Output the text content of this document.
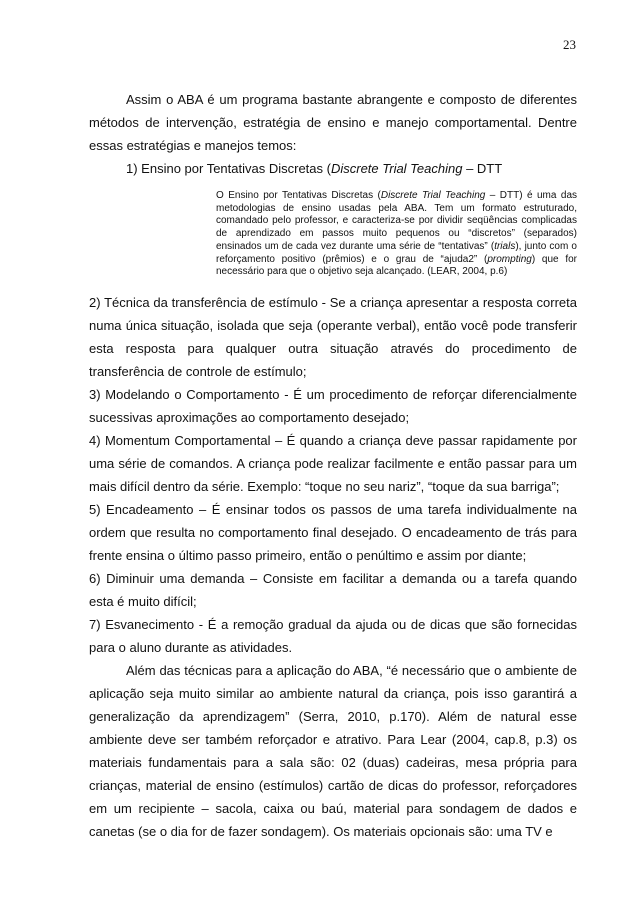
23

Assim o ABA é um programa bastante abrangente e composto de diferentes métodos de intervenção, estratégia de ensino e manejo comportamental. Dentre essas estratégias e manejos temos:

1) Ensino por Tentativas Discretas (Discrete Trial Teaching – DTT

O Ensino por Tentativas Discretas (Discrete Trial Teaching – DTT) é uma das metodologias de ensino usadas pela ABA. Tem um formato estruturado, comandado pelo professor, e caracteriza-se por dividir seqüências complicadas de aprendizado em passos muito pequenos ou “discretos” (separados) ensinados um de cada vez durante uma série de “tentativas” (trials), junto com o reforçamento positivo (prêmios) e o grau de “ajuda2” (prompting) que for necessário para que o objetivo seja alcançado. (LEAR, 2004, p.6)

2) Técnica da transferência de estímulo - Se a criança apresentar a resposta correta numa única situação, isolada que seja (operante verbal), então você pode transferir esta resposta para qualquer outra situação através do procedimento de transferência de controle de estímulo;

3) Modelando o Comportamento - É um procedimento de reforçar diferencialmente sucessivas aproximações ao comportamento desejado;

4) Momentum Comportamental – É quando a criança deve passar rapidamente por uma série de comandos. A criança pode realizar facilmente e então passar para um mais difícil dentro da série. Exemplo: “toque no seu nariz”, “toque da sua barriga”;

5) Encadeamento – É ensinar todos os passos de uma tarefa individualmente na ordem que resulta no comportamento final desejado. O encadeamento de trás para frente ensina o último passo primeiro, então o penúltimo e assim por diante;

6) Diminuir uma demanda – Consiste em facilitar a demanda ou a tarefa quando esta é muito difícil;

7) Esvanecimento - É a remoção gradual da ajuda ou de dicas que são fornecidas para o aluno durante as atividades.

Além das técnicas para a aplicação do ABA, “é necessário que o ambiente de aplicação seja muito similar ao ambiente natural da criança, pois isso garantirá a generalização da aprendizagem” (Serra, 2010, p.170). Além de natural esse ambiente deve ser também reforçador e atrativo. Para Lear (2004, cap.8, p.3) os materiais fundamentais para a sala são: 02 (duas) cadeiras, mesa própria para crianças, material de ensino (estímulos) cartão de dicas do professor, reforçadores em um recipiente – sacola, caixa ou baú, material para sondagem de dados e canetas (se o dia for de fazer sondagem). Os materiais opcionais são: uma TV e
